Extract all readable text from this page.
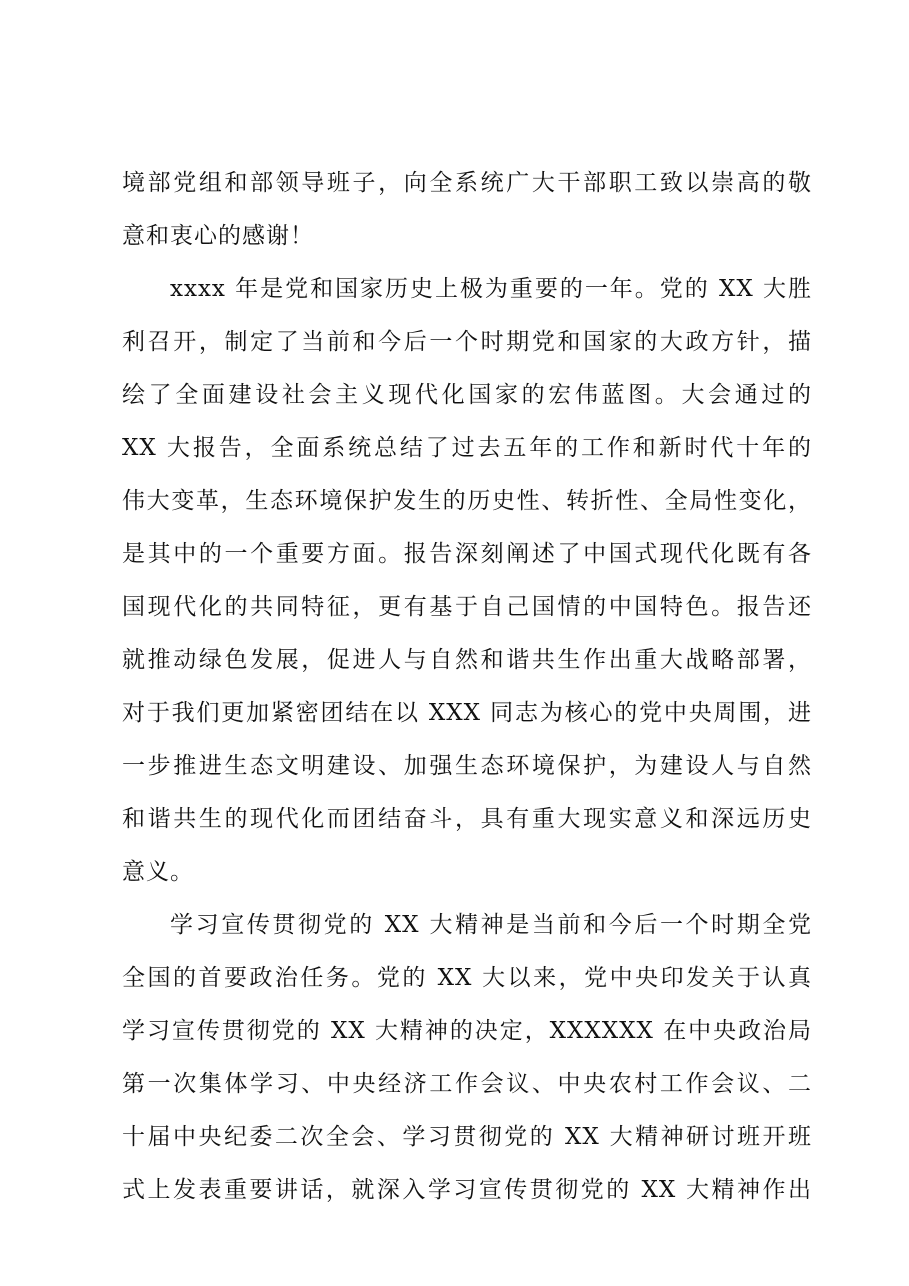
境部党组和部领导班子，向全系统广大干部职工致以崇高的敬
意和衷心的感谢！
xxxx 年是党和国家历史上极为重要的一年。党的 XX 大胜
利召开，制定了当前和今后一个时期党和国家的大政方针，描
绘了全面建设社会主义现代化国家的宏伟蓝图。大会通过的
XX 大报告，全面系统总结了过去五年的工作和新时代十年的
伟大变革，生态环境保护发生的历史性、转折性、全局性变化，
是其中的一个重要方面。报告深刻阐述了中国式现代化既有各
国现代化的共同特征，更有基于自己国情的中国特色。报告还
就推动绿色发展，促进人与自然和谐共生作出重大战略部署，
对于我们更加紧密团结在以 XXX 同志为核心的党中央周围，进
一步推进生态文明建设、加强生态环境保护，为建设人与自然
和谐共生的现代化而团结奋斗，具有重大现实意义和深远历史
意义。
学习宣传贯彻党的 XX 大精神是当前和今后一个时期全党
全国的首要政治任务。党的 XX 大以来，党中央印发关于认真
学习宣传贯彻党的 XX 大精神的决定，XXXXXX 在中央政治局
第一次集体学习、中央经济工作会议、中央农村工作会议、二
十届中央纪委二次全会、学习贯彻党的 XX 大精神研讨班开班
式上发表重要讲话，就深入学习宣传贯彻党的 XX 大精神作出
